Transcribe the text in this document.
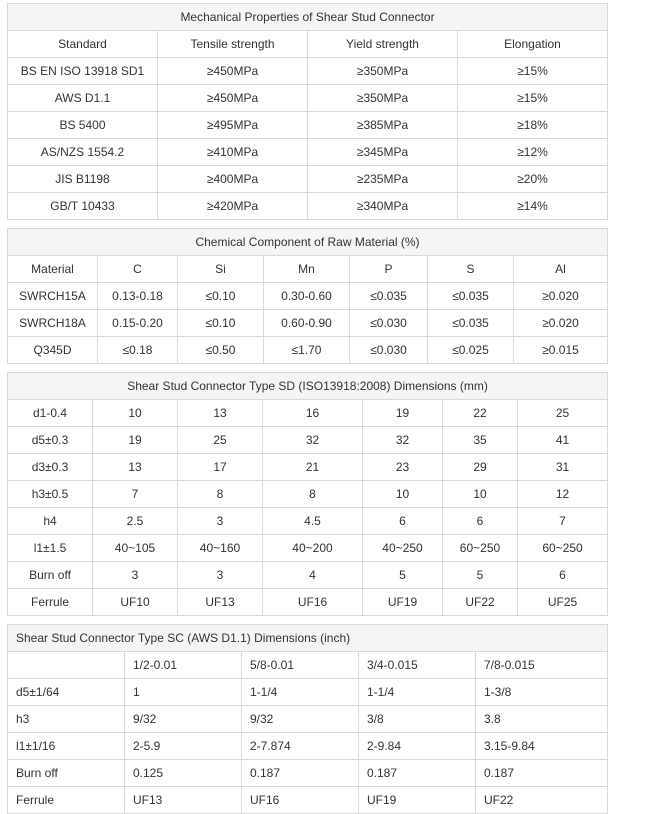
Mechanical Properties of Shear Stud Connector			
Standard	Tensile strength	Yield strength	Elongation
BS EN ISO 13918 SD1	≥450MPa	≥350MPa	≥15%
AWS D1.1	≥450MPa	≥350MPa	≥15%
BS 5400	≥495MPa	≥385MPa	≥18%
AS/NZS 1554.2	≥410MPa	≥345MPa	≥12%
JIS B1198	≥400MPa	≥235MPa	≥20%
GB/T 10433	≥420MPa	≥340MPa	≥14%
Chemical Component of Raw Material (%)						
Material	C	Si	Mn	P	S	Al
SWRCH15A	0.13-0.18	≤0.10	0.30-0.60	≤0.035	≤0.035	≥0.020
SWRCH18A	0.15-0.20	≤0.10	0.60-0.90	≤0.030	≤0.035	≥0.020
Q345D	≤0.18	≤0.50	≤1.70	≤0.030	≤0.025	≥0.015
Shear Stud Connector Type SD (ISO13918:2008) Dimensions (mm)						
d1-0.4	10	13	16	19	22	25
d5±0.3	19	25	32	32	35	41
d3±0.3	13	17	21	23	29	31
h3±0.5	7	8	8	10	10	12
h4	2.5	3	4.5	6	6	7
l1±1.5	40~105	40~160	40~200	40~250	60~250	60~250
Burn off	3	3	4	5	5	6
Ferrule	UF10	UF13	UF16	UF19	UF22	UF25
Shear Stud Connector Type SC (AWS D1.1) Dimensions (inch)				
	1/2-0.01	5/8-0.01	3/4-0.015	7/8-0.015
d5±1/64	1	1-1/4	1-1/4	1-3/8
h3	9/32	9/32	3/8	3.8
l1±1/16	2-5.9	2-7.874	2-9.84	3.15-9.84
Burn off	0.125	0.187	0.187	0.187
Ferrule	UF13	UF16	UF19	UF22
